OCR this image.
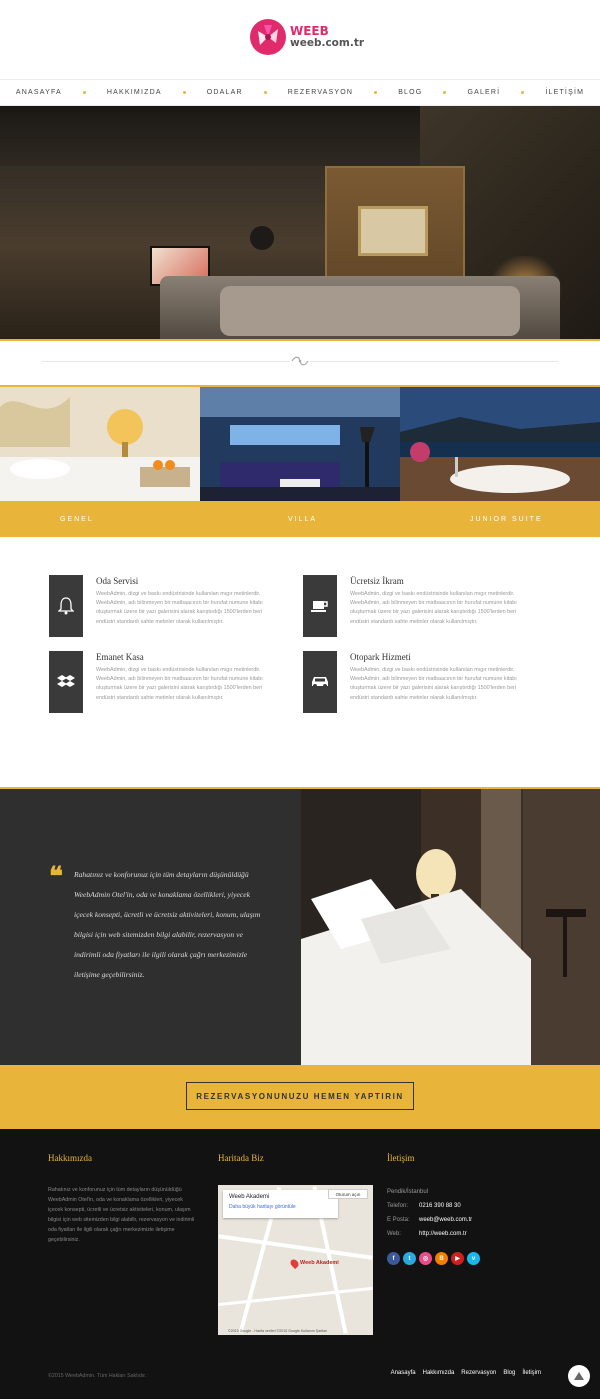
WEEB
weeb.com.tr
ANASAYFA	HAKKIMIZDA	ODALAR	REZERVASYON	BLOG	GALERİ	İLETİŞİM
GENEL	VILLA	JUNIOR SUITE
Oda Servisi
WeebAdmin, dizgi ve baskı endüstrisinde kullanılan mıgır metinlerdir. WeebAdmin, adı bilinmeyen bir matbaacının bir hurufat numune kitabı oluşturmak üzere bir yazı galerisini alarak karıştırdığı 1500'lerden beri endüstri standardı sahte metinler olarak kullanılmıştır.
Ücretsiz İkram
WeebAdmin, dizgi ve baskı endüstrisinde kullanılan mıgır metinlerdir. WeebAdmin, adı bilinmeyen bir matbaacının bir hurufat numune kitabı oluşturmak üzere bir yazı galerisini alarak karıştırdığı 1500'lerden beri endüstri standardı sahte metinler olarak kullanılmıştır.
Emanet Kasa
WeebAdmin, dizgi ve baskı endüstrisinde kullanılan mıgır metinlerdir. WeebAdmin, adı bilinmeyen bir matbaacının bir hurufat numune kitabı oluşturmak üzere bir yazı galerisini alarak karıştırdığı 1500'lerden beri endüstri standardı sahte metinler olarak kullanılmıştır.
Otopark Hizmeti
WeebAdmin, dizgi ve baskı endüstrisinde kullanılan mıgır metinlerdir. WeebAdmin, adı bilinmeyen bir matbaacının bir hurufat numune kitabı oluşturmak üzere bir yazı galerisini alarak karıştırdığı 1500'lerden beri endüstri standardı sahte metinler olarak kullanılmıştır.
❝ Rahatınız ve konforunuz için tüm detayların düşünüldüğü WeebAdmin Otel'in, oda ve konaklama özellikleri, yiyecek içecek konsepti, ücretli ve ücretsiz aktiviteleri, konum, ulaşım bilgisi için web sitemizden bilgi alabilir, rezervasyon ve indirimli oda fiyatları ile ilgili olarak çağrı merkezimizle iletişime geçebilirsiniz.
REZERVASYONUNUZU HEMEN YAPTIRIN
Hakkımızda
Rahatınız ve konforunuz için tüm detayların düşünüldüğü WeebAdmin Otel'in, oda ve konaklama özellikleri, yiyecek içecek konsepti, ücretli ve ücretsiz aktiviteleri, konum, ulaşım bilgisi için web sitemizden bilgi alabilir, rezervasyon ve indirimli oda fiyatları ile ilgili olarak çağrı merkezimizle iletişime geçebilirsiniz.
Haritada Biz
Weeb Akademi
Daha büyük haritayı görüntüle
Oturum açın
Weeb Akademi
©2015 Google - Harita verileri ©2015 Google Kullanım Şartları
İletişim
Pendik/İstanbul
Telefon:	0216 390 88 30
E Posta:	weeb@weeb.com.tr
Web:	http://weeb.com.tr
f	t	◎	B	▶	v
©2015 WeebAdmin. Tüm Hakları Saklıdır.	Anasayfa Hakkımızda Rezervasyon Blog İletişim
